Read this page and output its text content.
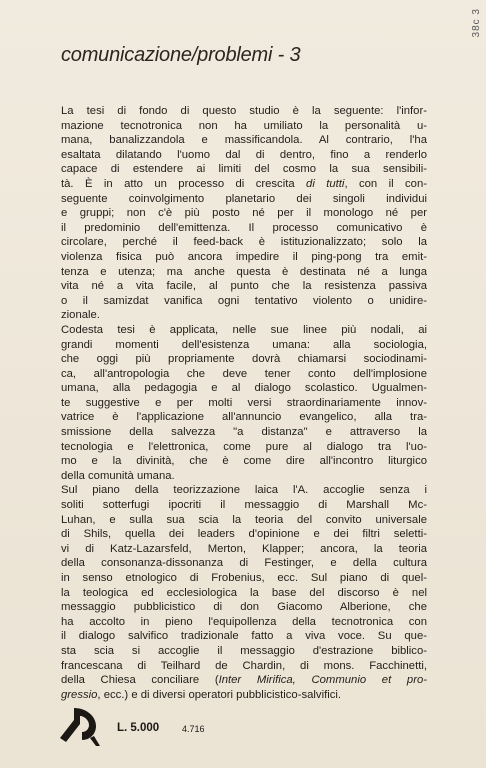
38c 3
comunicazione/problemi - 3
La tesi di fondo di questo studio è la seguente: l'infor-
mazione tecnotronica non ha umiliato la personalità u-
mana, banalizzandola e massificandola. Al contrario, l'ha
esaltata dilatando l'uomo dal di dentro, fino a renderlo
capace di estendere ai limiti del cosmo la sua sensibili-
tà. È in atto un processo di crescita di tutti, con il con-
seguente coinvolgimento planetario dei singoli individui
e gruppi; non c'è più posto né per il monologo né per
il predominio dell'emittenza. Il processo comunicativo è
circolare, perché il feed-back è istituzionalizzato; solo la
violenza fisica può ancora impedire il ping-pong tra emit-
tenza e utenza; ma anche questa è destinata né a lunga
vita né a vita facile, al punto che la resistenza passiva
o il samizdat vanifica ogni tentativo violento o unidire-
zionale.
Codesta tesi è applicata, nelle sue linee più nodali, ai
grandi momenti dell'esistenza umana: alla sociologia,
che oggi più propriamente dovrà chiamarsi sociodinami-
ca, all'antropologia che deve tener conto dell'implosione
umana, alla pedagogia e al dialogo scolastico. Ugualmen-
te suggestive e per molti versi straordinariamente innov-
vatrice è l'applicazione all'annuncio evangelico, alla tra-
smissione della salvezza "a distanza" e attraverso la
tecnologia e l'elettronica, come pure al dialogo tra l'uo-
mo e la divinità, che è come dire all'incontro liturgico
della comunità umana.
Sul piano della teorizzazione laica l'A. accoglie senza i
soliti sotterfugi ipocriti il messaggio di Marshall Mc-
Luhan, e sulla sua scia la teoria del convito universale
di Shils, quella dei leaders d'opinione e dei filtri seletti-
vi di Katz-Lazarsfeld, Merton, Klapper; ancora, la teoria
della consonanza-dissonanza di Festinger, e della cultura
in senso etnologico di Frobenius, ecc. Sul piano di quel-
la teologica ed ecclesiologica la base del discorso è nel
messaggio pubblicistico di don Giacomo Alberione, che
ha accolto in pieno l'equipollenza della tecnotronica con
il dialogo salvifico tradizionale fatto a viva voce. Su que-
sta scia si accoglie il messaggio d'estrazione biblico-
francescana di Teilhard de Chardin, di mons. Facchinetti,
della Chiesa conciliare (Inter Mirifica, Communio et pro-
gressio, ecc.) e di diversi operatori pubblicistico-salvifici.
L. 5.000	4.716
